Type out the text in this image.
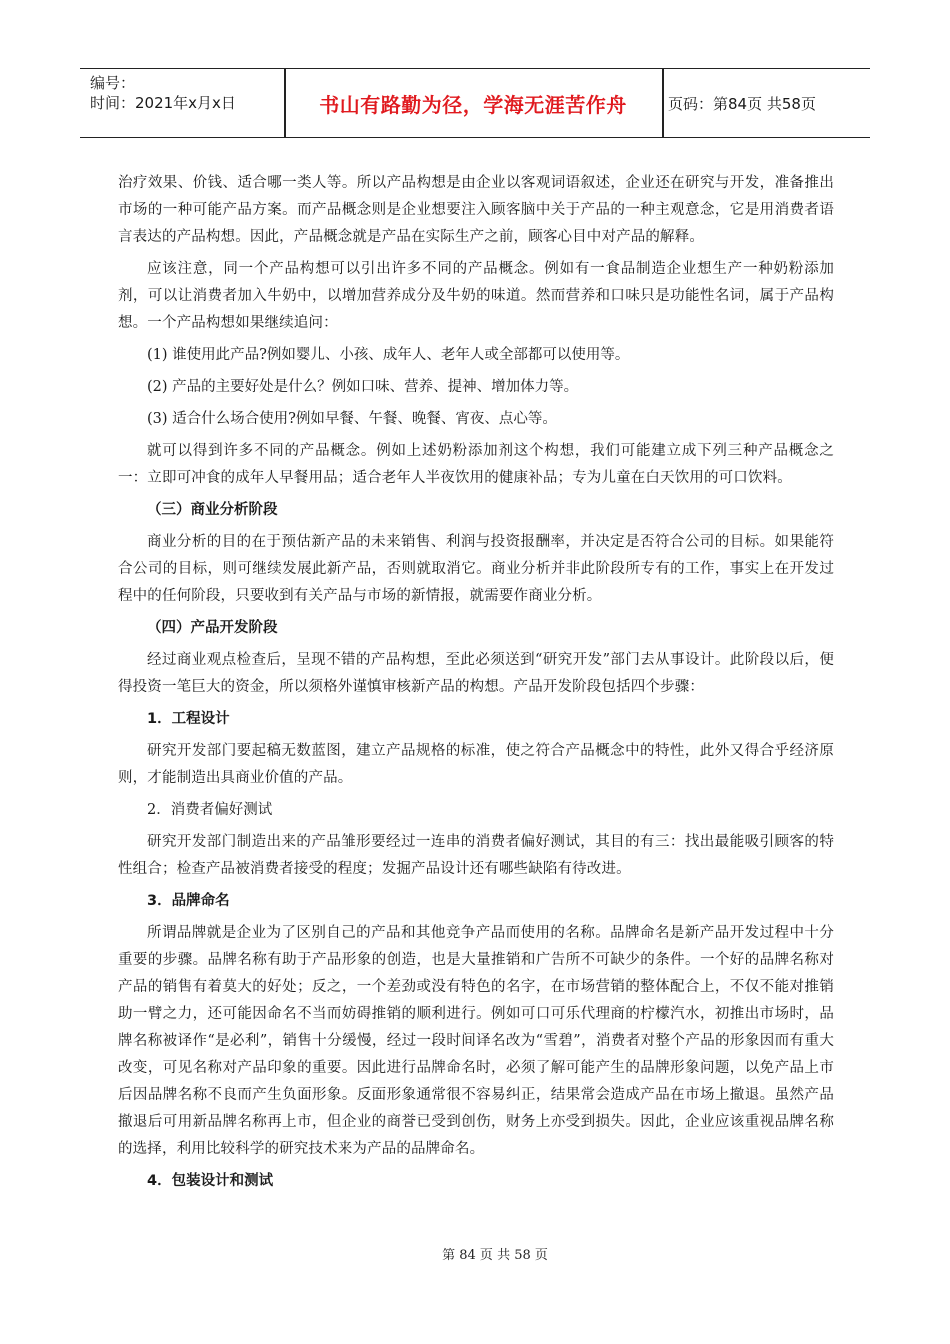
编号：
时间：2021年x月x日	书山有路勤为径，学海无涯苦作舟	页码：第84页 共58页

治疗效果、价钱、适合哪一类人等。所以产品构想是由企业以客观词语叙述，企业还在研究与开发，准备推出市场的一种可能产品方案。而产品概念则是企业想要注入顾客脑中关于产品的一种主观意念，它是用消费者语言表达的产品构想。因此，产品概念就是产品在实际生产之前，顾客心目中对产品的解释。

应该注意，同一个产品构想可以引出许多不同的产品概念。例如有一食品制造企业想生产一种奶粉添加剂，可以让消费者加入牛奶中，以增加营养成分及牛奶的味道。然而营养和口味只是功能性名词，属于产品构想。一个产品构想如果继续追问：

(1) 谁使用此产品?例如婴儿、小孩、成年人、老年人或全部都可以使用等。

(2) 产品的主要好处是什么？例如口味、营养、提神、增加体力等。

(3) 适合什么场合使用?例如早餐、午餐、晚餐、宵夜、点心等。

就可以得到许多不同的产品概念。例如上述奶粉添加剂这个构想，我们可能建立成下列三种产品概念之一：立即可冲食的成年人早餐用品；适合老年人半夜饮用的健康补品；专为儿童在白天饮用的可口饮料。

（三）商业分析阶段

商业分析的目的在于预估新产品的未来销售、利润与投资报酬率，并决定是否符合公司的目标。如果能符合公司的目标，则可继续发展此新产品，否则就取消它。商业分析并非此阶段所专有的工作，事实上在开发过程中的任何阶段，只要收到有关产品与市场的新情报，就需要作商业分析。

（四）产品开发阶段

经过商业观点检查后，呈现不错的产品构想，至此必须送到“研究开发”部门去从事设计。此阶段以后，便得投资一笔巨大的资金，所以须格外谨慎审核新产品的构想。产品开发阶段包括四个步骤：

1．工程设计

研究开发部门要起稿无数蓝图，建立产品规格的标准，使之符合产品概念中的特性，此外又得合乎经济原则，才能制造出具商业价值的产品。

2．消费者偏好测试

研究开发部门制造出来的产品雏形要经过一连串的消费者偏好测试，其目的有三：找出最能吸引顾客的特性组合；检查产品被消费者接受的程度；发掘产品设计还有哪些缺陷有待改进。

3．品牌命名

所谓品牌就是企业为了区别自己的产品和其他竞争产品而使用的名称。品牌命名是新产品开发过程中十分重要的步骤。品牌名称有助于产品形象的创造，也是大量推销和广告所不可缺少的条件。一个好的品牌名称对产品的销售有着莫大的好处；反之，一个差劲或没有特色的名字，在市场营销的整体配合上，不仅不能对推销助一臂之力，还可能因命名不当而妨碍推销的顺利进行。例如可口可乐代理商的柠檬汽水，初推出市场时，品牌名称被译作“是必利”，销售十分缓慢，经过一段时间译名改为“雪碧”，消费者对整个产品的形象因而有重大改变，可见名称对产品印象的重要。因此进行品牌命名时，必须了解可能产生的品牌形象问题，以免产品上市后因品牌名称不良而产生负面形象。反面形象通常很不容易纠正，结果常会造成产品在市场上撤退。虽然产品撤退后可用新品牌名称再上市，但企业的商誉已受到创伤，财务上亦受到损失。因此，企业应该重视品牌名称的选择，利用比较科学的研究技术来为产品的品牌命名。

4．包装设计和测试

第 84 页 共 58 页
